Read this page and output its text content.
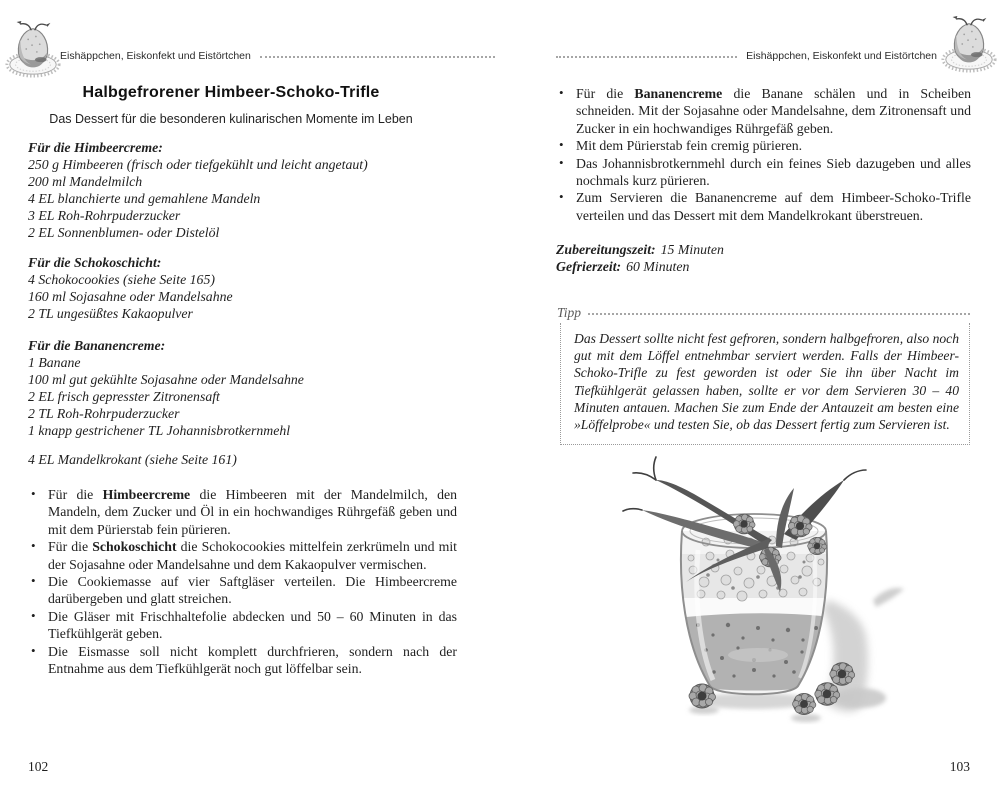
Eishäppchen, Eiskonfekt und Eistörtchen	Eishäppchen, Eiskonfekt und Eistörtchen
Halbgefrorener Himbeer-Schoko-Trifle
Das Dessert für die besonderen kulinarischen Momente im Leben
Für die Himbeercreme:
250 g Himbeeren (frisch oder tiefgekühlt und leicht angetaut)
200 ml Mandelmilch
4 EL blanchierte und gemahlene Mandeln
3 EL Roh-Rohrpuderzucker
2 EL Sonnenblumen- oder Distelöl
Für die Schokoschicht:
4 Schokocookies (siehe Seite 165)
160 ml Sojasahne oder Mandelsahne
2 TL ungesüßtes Kakaopulver
Für die Bananencreme:
1 Banane
100 ml gut gekühlte Sojasahne oder Mandelsahne
2 EL frisch gepresster Zitronensaft
2 TL Roh-Rohrpuderzucker
1 knapp gestrichener TL Johannisbrotkernmehl
4 EL Mandelkrokant (siehe Seite 161)

• Für die Himbeercreme die Himbeeren mit der Mandelmilch, den Mandeln, dem Zucker und Öl in ein hochwandiges Rührgefäß geben und mit dem Pürierstab fein pürieren.

• Für die Schokoschicht die Schokocookies mittelfein zerkrümeln und mit der Sojasahne oder Mandelsahne und dem Kakaopulver vermischen.

• Die Cookiemasse auf vier Saftgläser verteilen. Die Himbeercreme darübergeben und glatt streichen.

• Die Gläser mit Frischhaltefolie abdecken und 50 – 60 Minuten in das Tiefkühlgerät geben.

• Die Eismasse soll nicht komplett durchfrieren, sondern nach der Entnahme aus dem Tiefkühlgerät noch gut löffelbar sein.

• Für die Bananencreme die Banane schälen und in Scheiben schneiden. Mit der Sojasahne oder Mandelsahne, dem Zitronensaft und Zucker in ein hochwandiges Rührgefäß geben.

• Mit dem Pürierstab fein cremig pürieren.

• Das Johannisbrotkernmehl durch ein feines Sieb dazugeben und alles nochmals kurz pürieren.

• Zum Servieren die Bananencreme auf dem Himbeer-Schoko-Trifle verteilen und das Dessert mit dem Mandelkrokant überstreuen.

Zubereitungszeit: 15 Minuten
Gefrierzeit: 60 Minuten
Tipp
Das Dessert sollte nicht fest gefroren, sondern halbgefroren, also noch gut mit dem Löffel entnehmbar serviert werden. Falls der Himbeer-Schoko-Trifle zu fest geworden ist oder Sie ihn über Nacht im Tiefkühlgerät gelassen haben, sollte er vor dem Servieren 30 – 40 Minuten antauen. Machen Sie zum Ende der Antauzeit am besten eine »Löffelprobe« und testen Sie, ob das Dessert fertig zum Servieren ist.
102	103
